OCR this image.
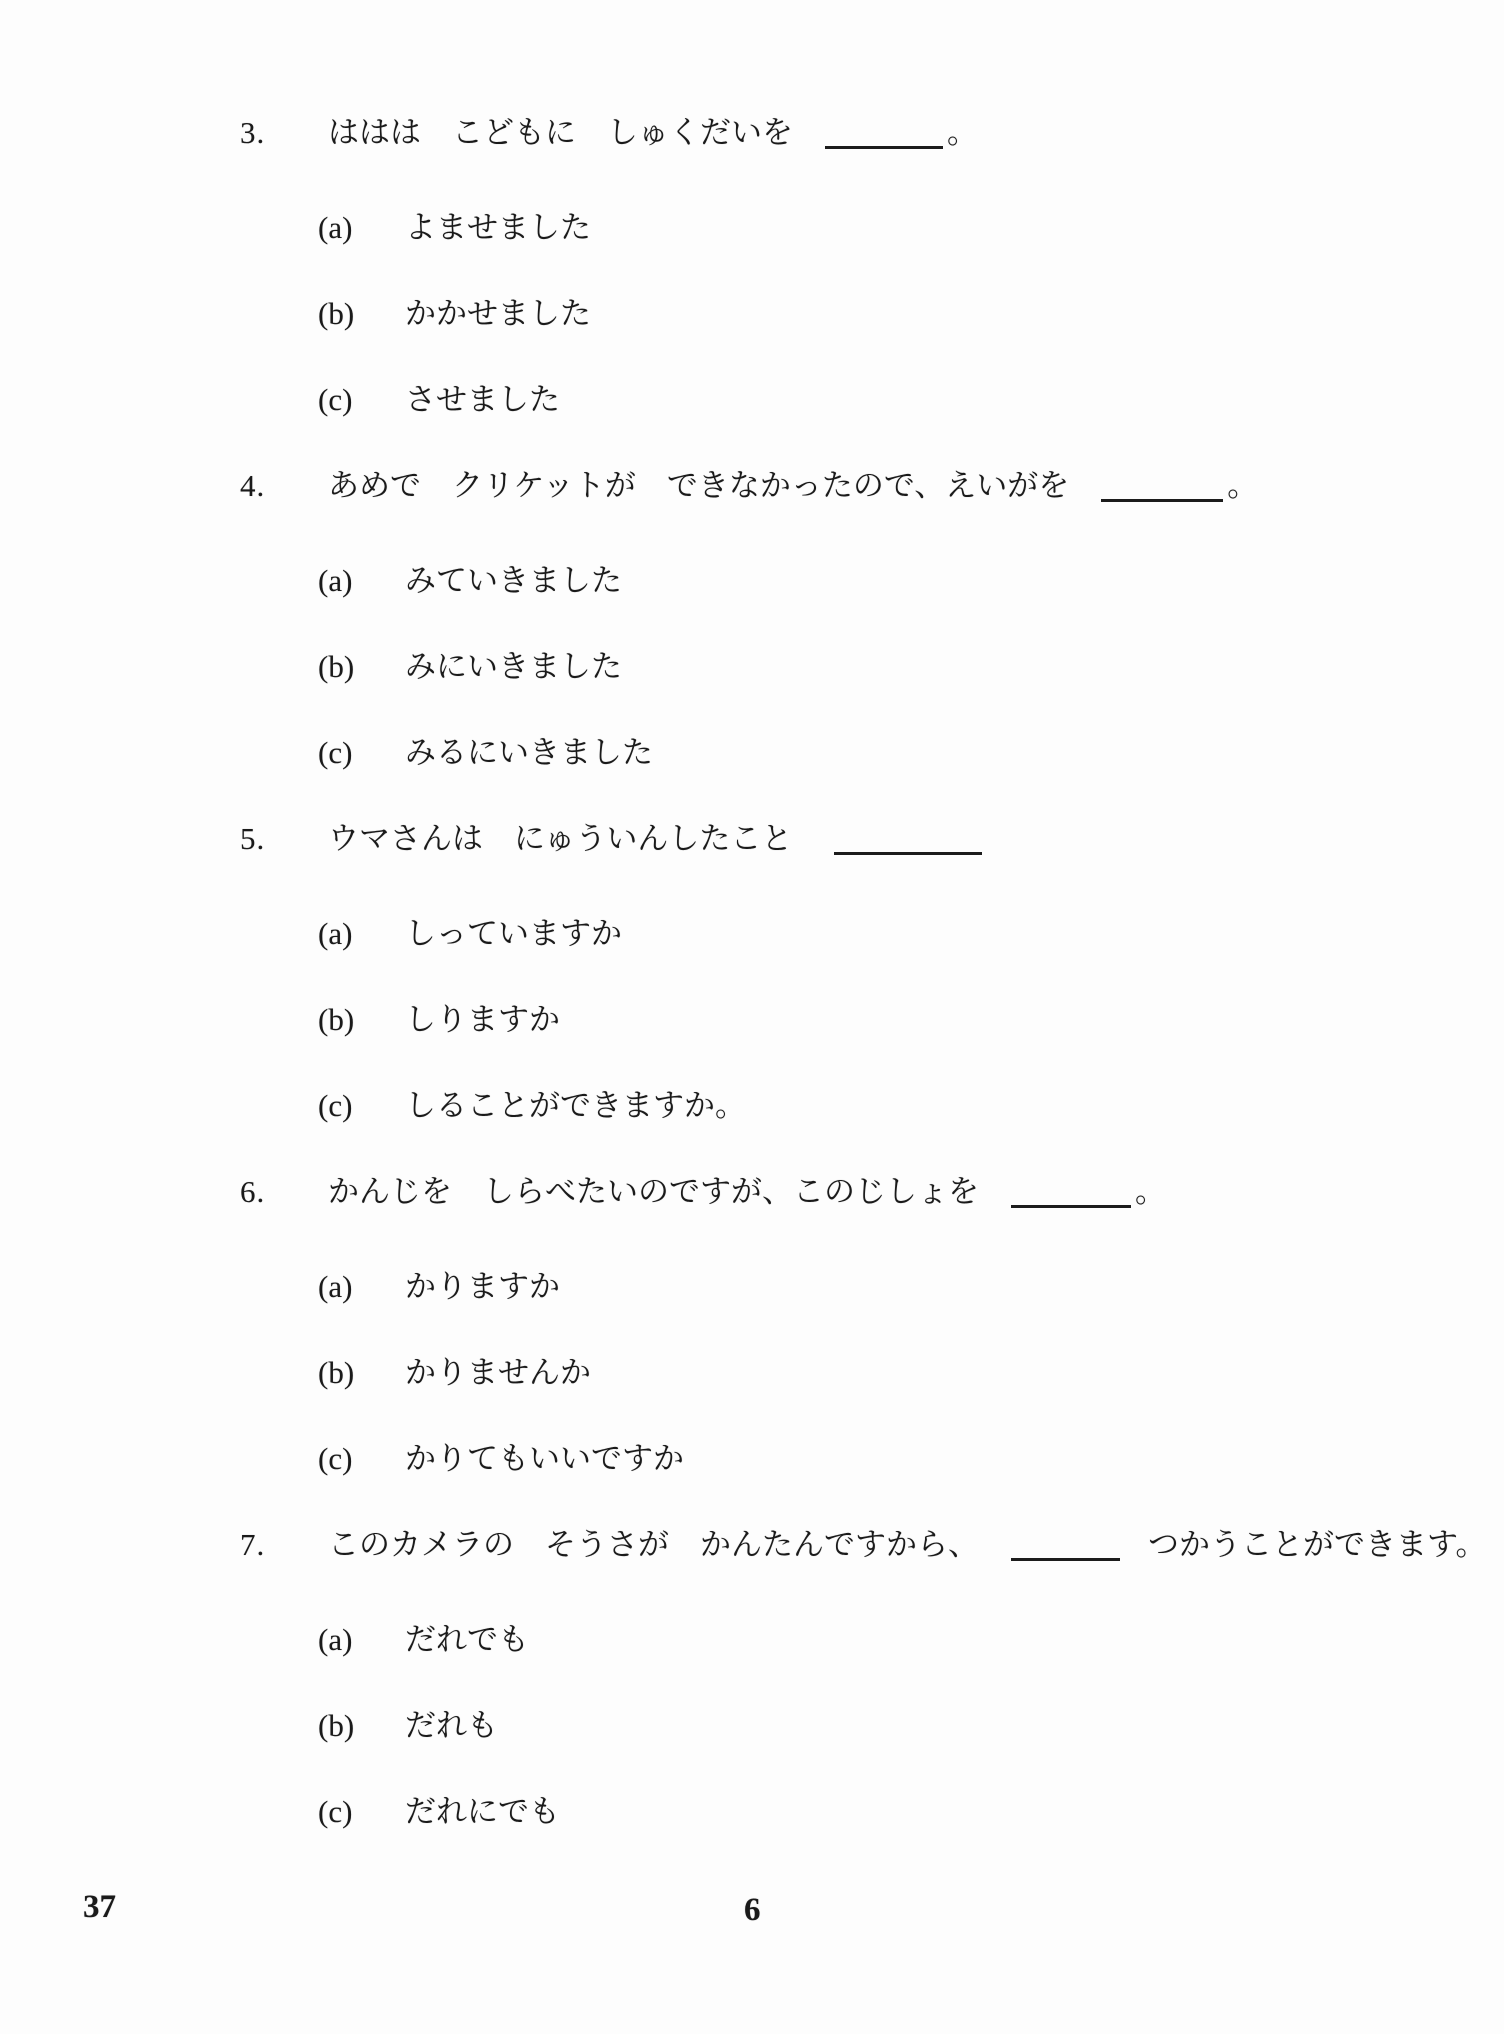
3. ははは　こどもに　しゅくだいを	。
(a) よませました
(b) かかせました
(c) させました
4. あめで　クリケットが　できなかったので、えいがを	。
(a) みていきました
(b) みにいきました
(c) みるにいきました
5. ウマさんは　にゅういんしたこと
(a) しっていますか
(b) しりますか
(c) しることができますか。
6. かんじを　しらべたいのですが、このじしょを	。
(a) かりますか
(b) かりませんか
(c) かりてもいいですか
7. このカメラの　そうさが　かんたんですから、	つかうことができます。
(a) だれでも
(b) だれも
(c) だれにでも
37	6
